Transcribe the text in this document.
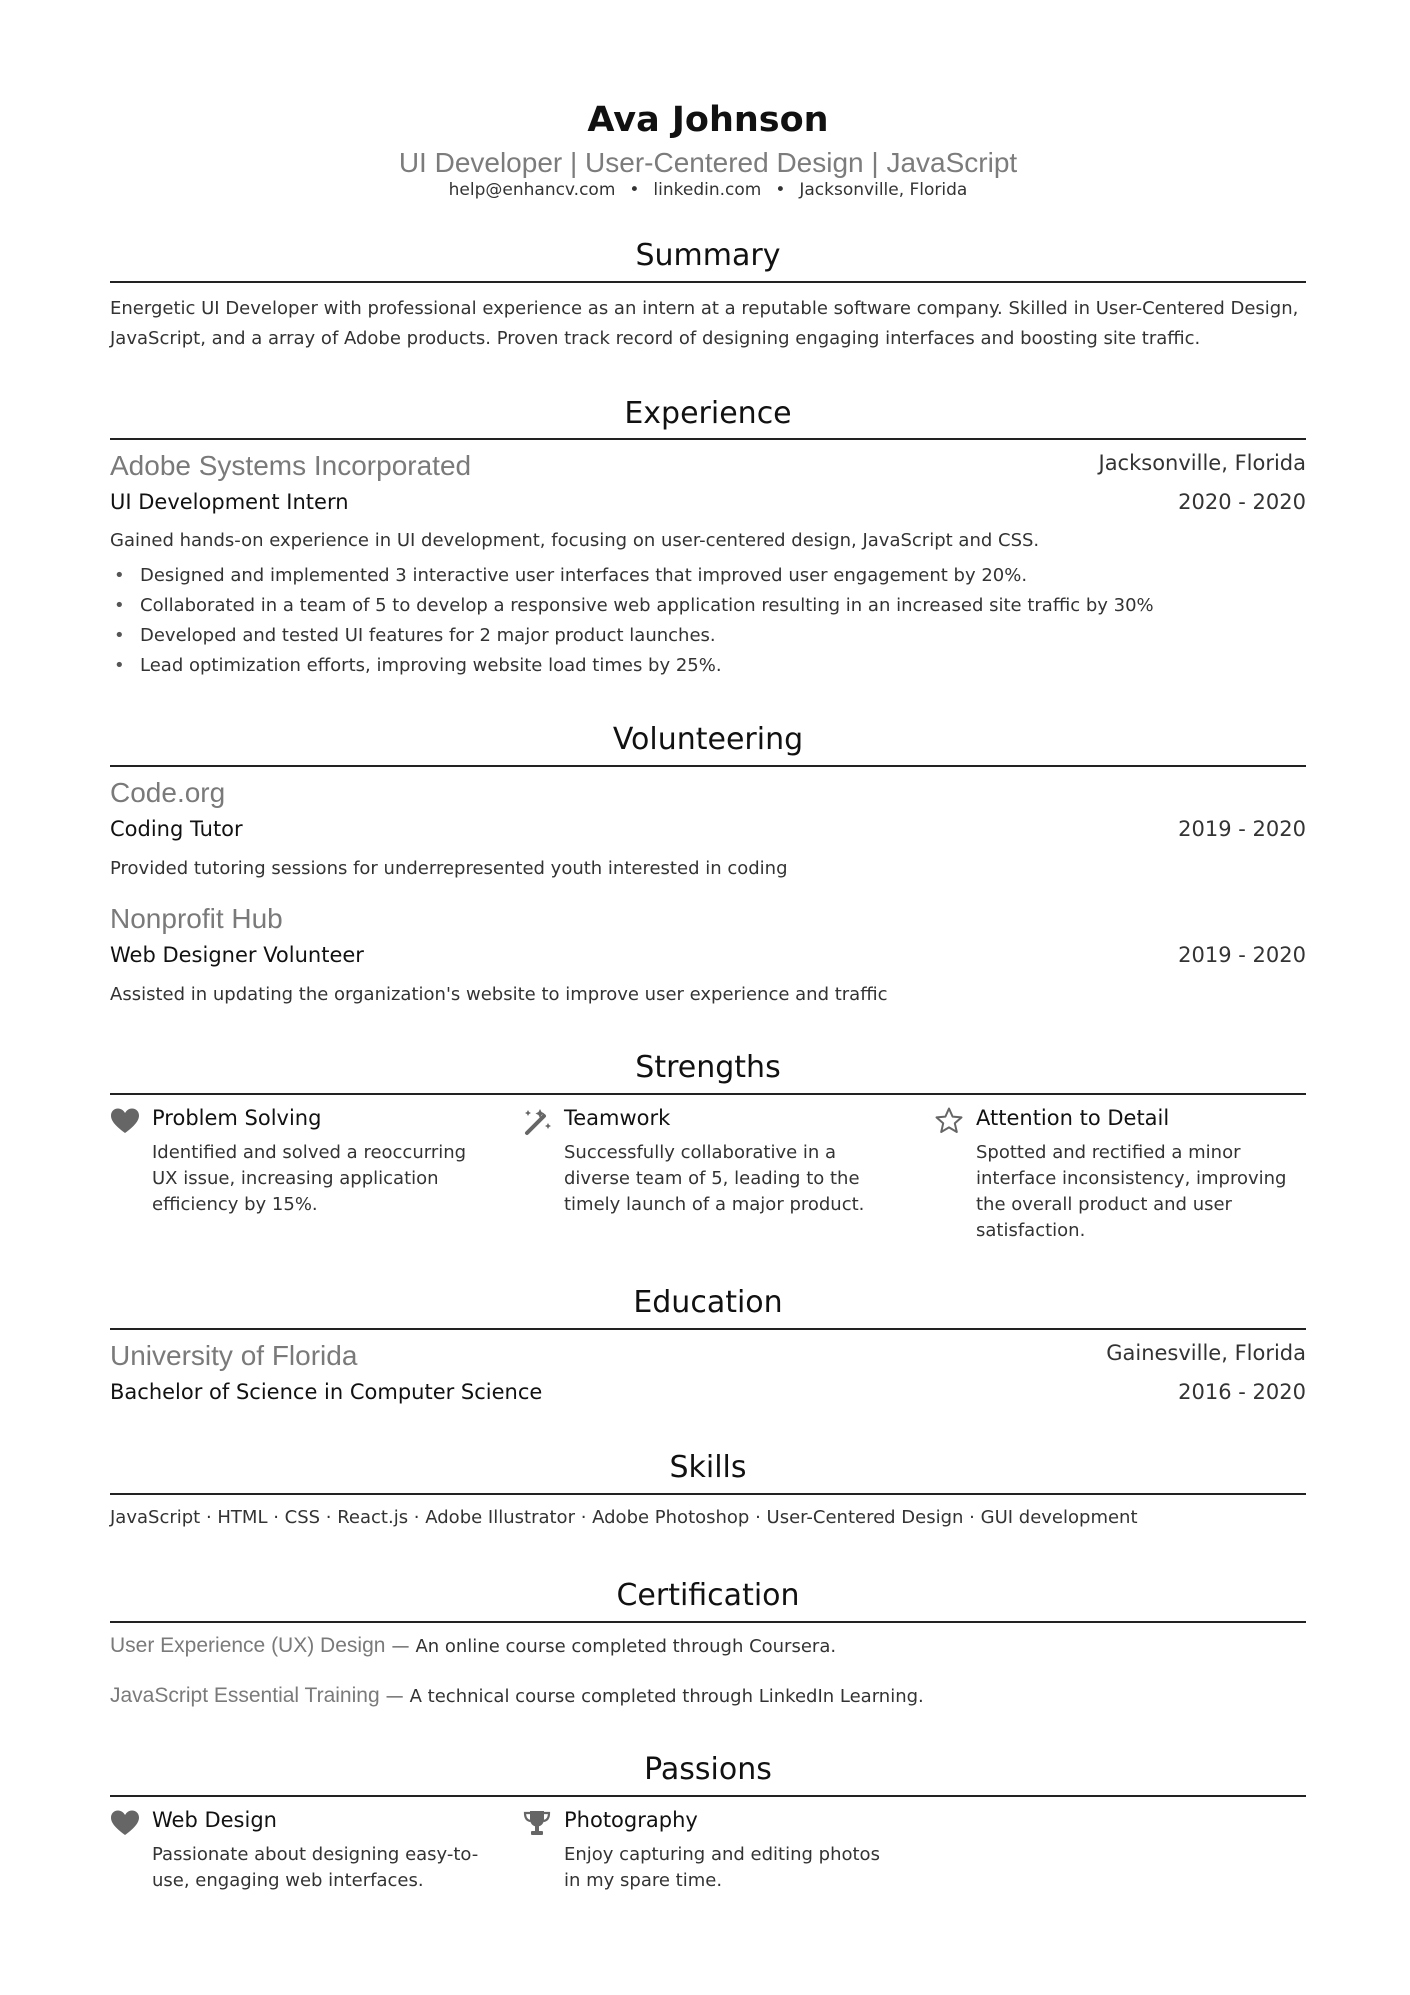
Ava Johnson
UI Developer | User-Centered Design | JavaScript
help@enhancv.com • linkedin.com • Jacksonville, Florida
Summary
Energetic UI Developer with professional experience as an intern at a reputable software company. Skilled in User-Centered Design, JavaScript, and a array of Adobe products. Proven track record of designing engaging interfaces and boosting site traffic.
Experience
Adobe Systems Incorporated	Jacksonville, Florida
UI Development Intern	2020 - 2020
Gained hands-on experience in UI development, focusing on user-centered design, JavaScript and CSS.
• Designed and implemented 3 interactive user interfaces that improved user engagement by 20%.
• Collaborated in a team of 5 to develop a responsive web application resulting in an increased site traffic by 30%
• Developed and tested UI features for 2 major product launches.
• Lead optimization efforts, improving website load times by 25%.
Volunteering
Code.org
Coding Tutor	2019 - 2020
Provided tutoring sessions for underrepresented youth interested in coding
Nonprofit Hub
Web Designer Volunteer	2019 - 2020
Assisted in updating the organization's website to improve user experience and traffic
Strengths
Problem Solving
Identified and solved a reoccurring UX issue, increasing application efficiency by 15%.
Teamwork
Successfully collaborative in a diverse team of 5, leading to the timely launch of a major product.
Attention to Detail
Spotted and rectified a minor interface inconsistency, improving the overall product and user satisfaction.
Education
University of Florida	Gainesville, Florida
Bachelor of Science in Computer Science	2016 - 2020
Skills
JavaScript · HTML · CSS · React.js · Adobe Illustrator · Adobe Photoshop · User-Centered Design · GUI development
Certification
User Experience (UX) Design — An online course completed through Coursera.
JavaScript Essential Training — A technical course completed through LinkedIn Learning.
Passions
Web Design
Passionate about designing easy-to-use, engaging web interfaces.
Photography
Enjoy capturing and editing photos in my spare time.
